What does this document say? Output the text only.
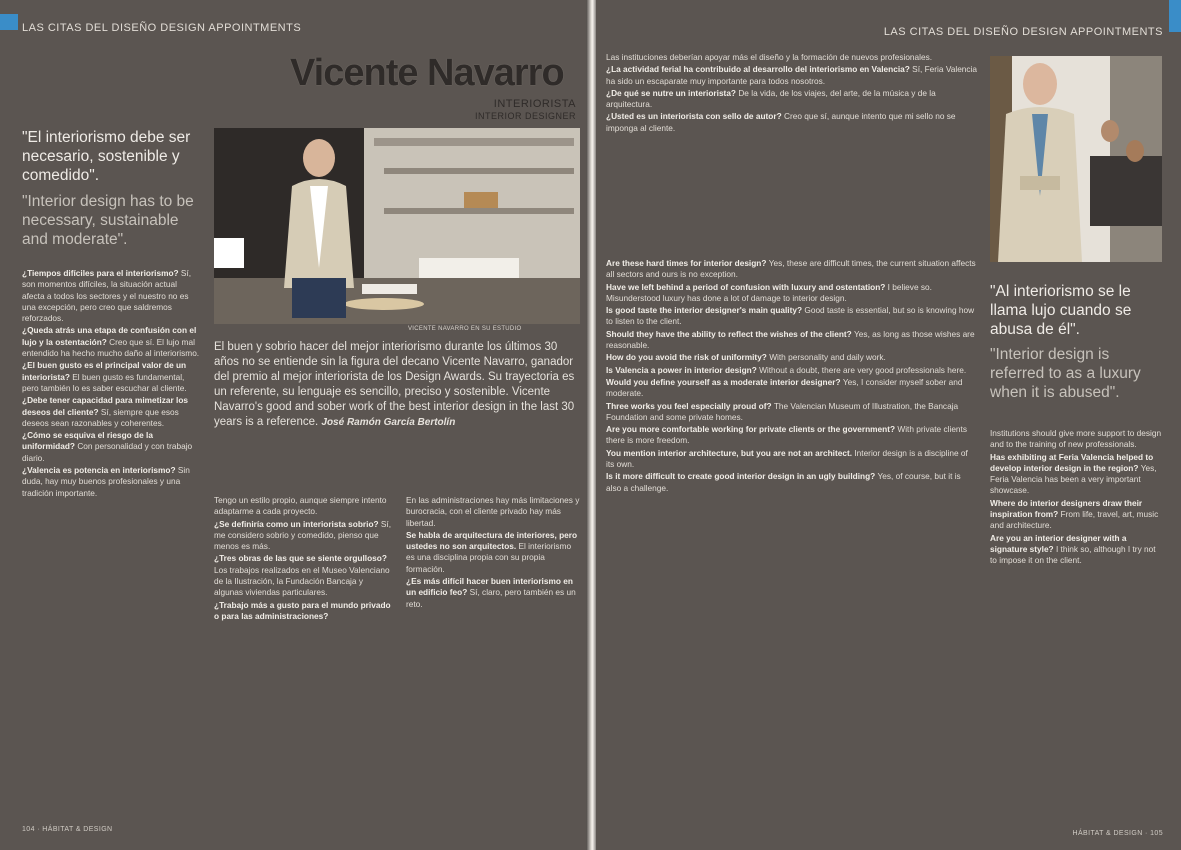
LAS CITAS DEL DISEÑO DESIGN APPOINTMENTS
Vicente Navarro
INTERIORISTA
INTERIOR DESIGNER
"El interiorismo debe ser necesario, sostenible y comedido".
"Interior design has to be necessary, sustainable and moderate".
VICENTE NAVARRO EN SU ESTUDIO
El buen y sobrio hacer del mejor interiorismo durante los últimos 30 años no se entiende sin la figura del decano Vicente Navarro, ganador del premio al mejor interiorista de los Design Awards. Su trayectoria es un referente, su lenguaje es sencillo, preciso y sostenible. Vicente Navarro's good and sober work of the best interior design in the last 30 years is a reference. José Ramón García Bertolín

¿Tiempos difíciles para el interiorismo? Sí, son momentos difíciles, la situación actual afecta a todos los sectores y el nuestro no es una excepción, pero creo que saldremos reforzados.

¿Queda atrás una etapa de confusión con el lujo y la ostentación? Creo que sí. El lujo mal entendido ha hecho mucho daño al interiorismo.

¿El buen gusto es el principal valor de un interiorista? El buen gusto es fundamental, pero también lo es saber escuchar al cliente.

¿Debe tener capacidad para mimetizar los deseos del cliente? Sí, siempre que esos deseos sean razonables y coherentes.

¿Cómo se esquiva el riesgo de la uniformidad? Con personalidad y con trabajo diario.

¿Valencia es potencia en interiorismo? Sin duda, hay muy buenos profesionales y una tradición importante.

Tengo un estilo propio, aunque siempre intento adaptarme a cada proyecto.

¿Se definiría como un interiorista sobrio? Sí, me considero sobrio y comedido, pienso que menos es más.

¿Tres obras de las que se siente orgulloso? Los trabajos realizados en el Museo Valenciano de la Ilustración, la Fundación Bancaja y algunas viviendas particulares.

¿Trabajo más a gusto para el mundo privado o para las administraciones?

En las administraciones hay más limitaciones y burocracia, con el cliente privado hay más libertad.

Se habla de arquitectura de interiores, pero ustedes no son arquitectos. El interiorismo es una disciplina propia con su propia formación.

¿Es más difícil hacer buen interiorismo en un edificio feo? Sí, claro, pero también es un reto.

104 · HÁBITAT & DESIGN
LAS CITAS DEL DISEÑO DESIGN APPOINTMENTS

Las instituciones deberían apoyar más el diseño y la formación de nuevos profesionales.

¿La actividad ferial ha contribuido al desarrollo del interiorismo en Valencia? Sí, Feria Valencia ha sido un escaparate muy importante para todos nosotros.

¿De qué se nutre un interiorista? De la vida, de los viajes, del arte, de la música y de la arquitectura.

¿Usted es un interiorista con sello de autor? Creo que sí, aunque intento que mi sello no se imponga al cliente.

"Al interiorismo se le llama lujo cuando se abusa de él".
"Interior design is referred to as a luxury when it is abused".

Are these hard times for interior design? Yes, these are difficult times, the current situation affects all sectors and ours is no exception.

Have we left behind a period of confusion with luxury and ostentation? I believe so. Misunderstood luxury has done a lot of damage to interior design.

Is good taste the interior designer's main quality? Good taste is essential, but so is knowing how to listen to the client.

Should they have the ability to reflect the wishes of the client? Yes, as long as those wishes are reasonable.

How do you avoid the risk of uniformity? With personality and daily work.

Is Valencia a power in interior design? Without a doubt, there are very good professionals here.

Would you define yourself as a moderate interior designer? Yes, I consider myself sober and moderate.

Three works you feel especially proud of? The Valencian Museum of Illustration, the Bancaja Foundation and some private homes.

Are you more comfortable working for private clients or the government? With private clients there is more freedom.

You mention interior architecture, but you are not an architect. Interior design is a discipline of its own.

Is it more difficult to create good interior design in an ugly building? Yes, of course, but it is also a challenge.

Institutions should give more support to design and to the training of new professionals.

Has exhibiting at Feria Valencia helped to develop interior design in the region? Yes, Feria Valencia has been a very important showcase.

Where do interior designers draw their inspiration from? From life, travel, art, music and architecture.

Are you an interior designer with a signature style? I think so, although I try not to impose it on the client.

HÁBITAT & DESIGN · 105
